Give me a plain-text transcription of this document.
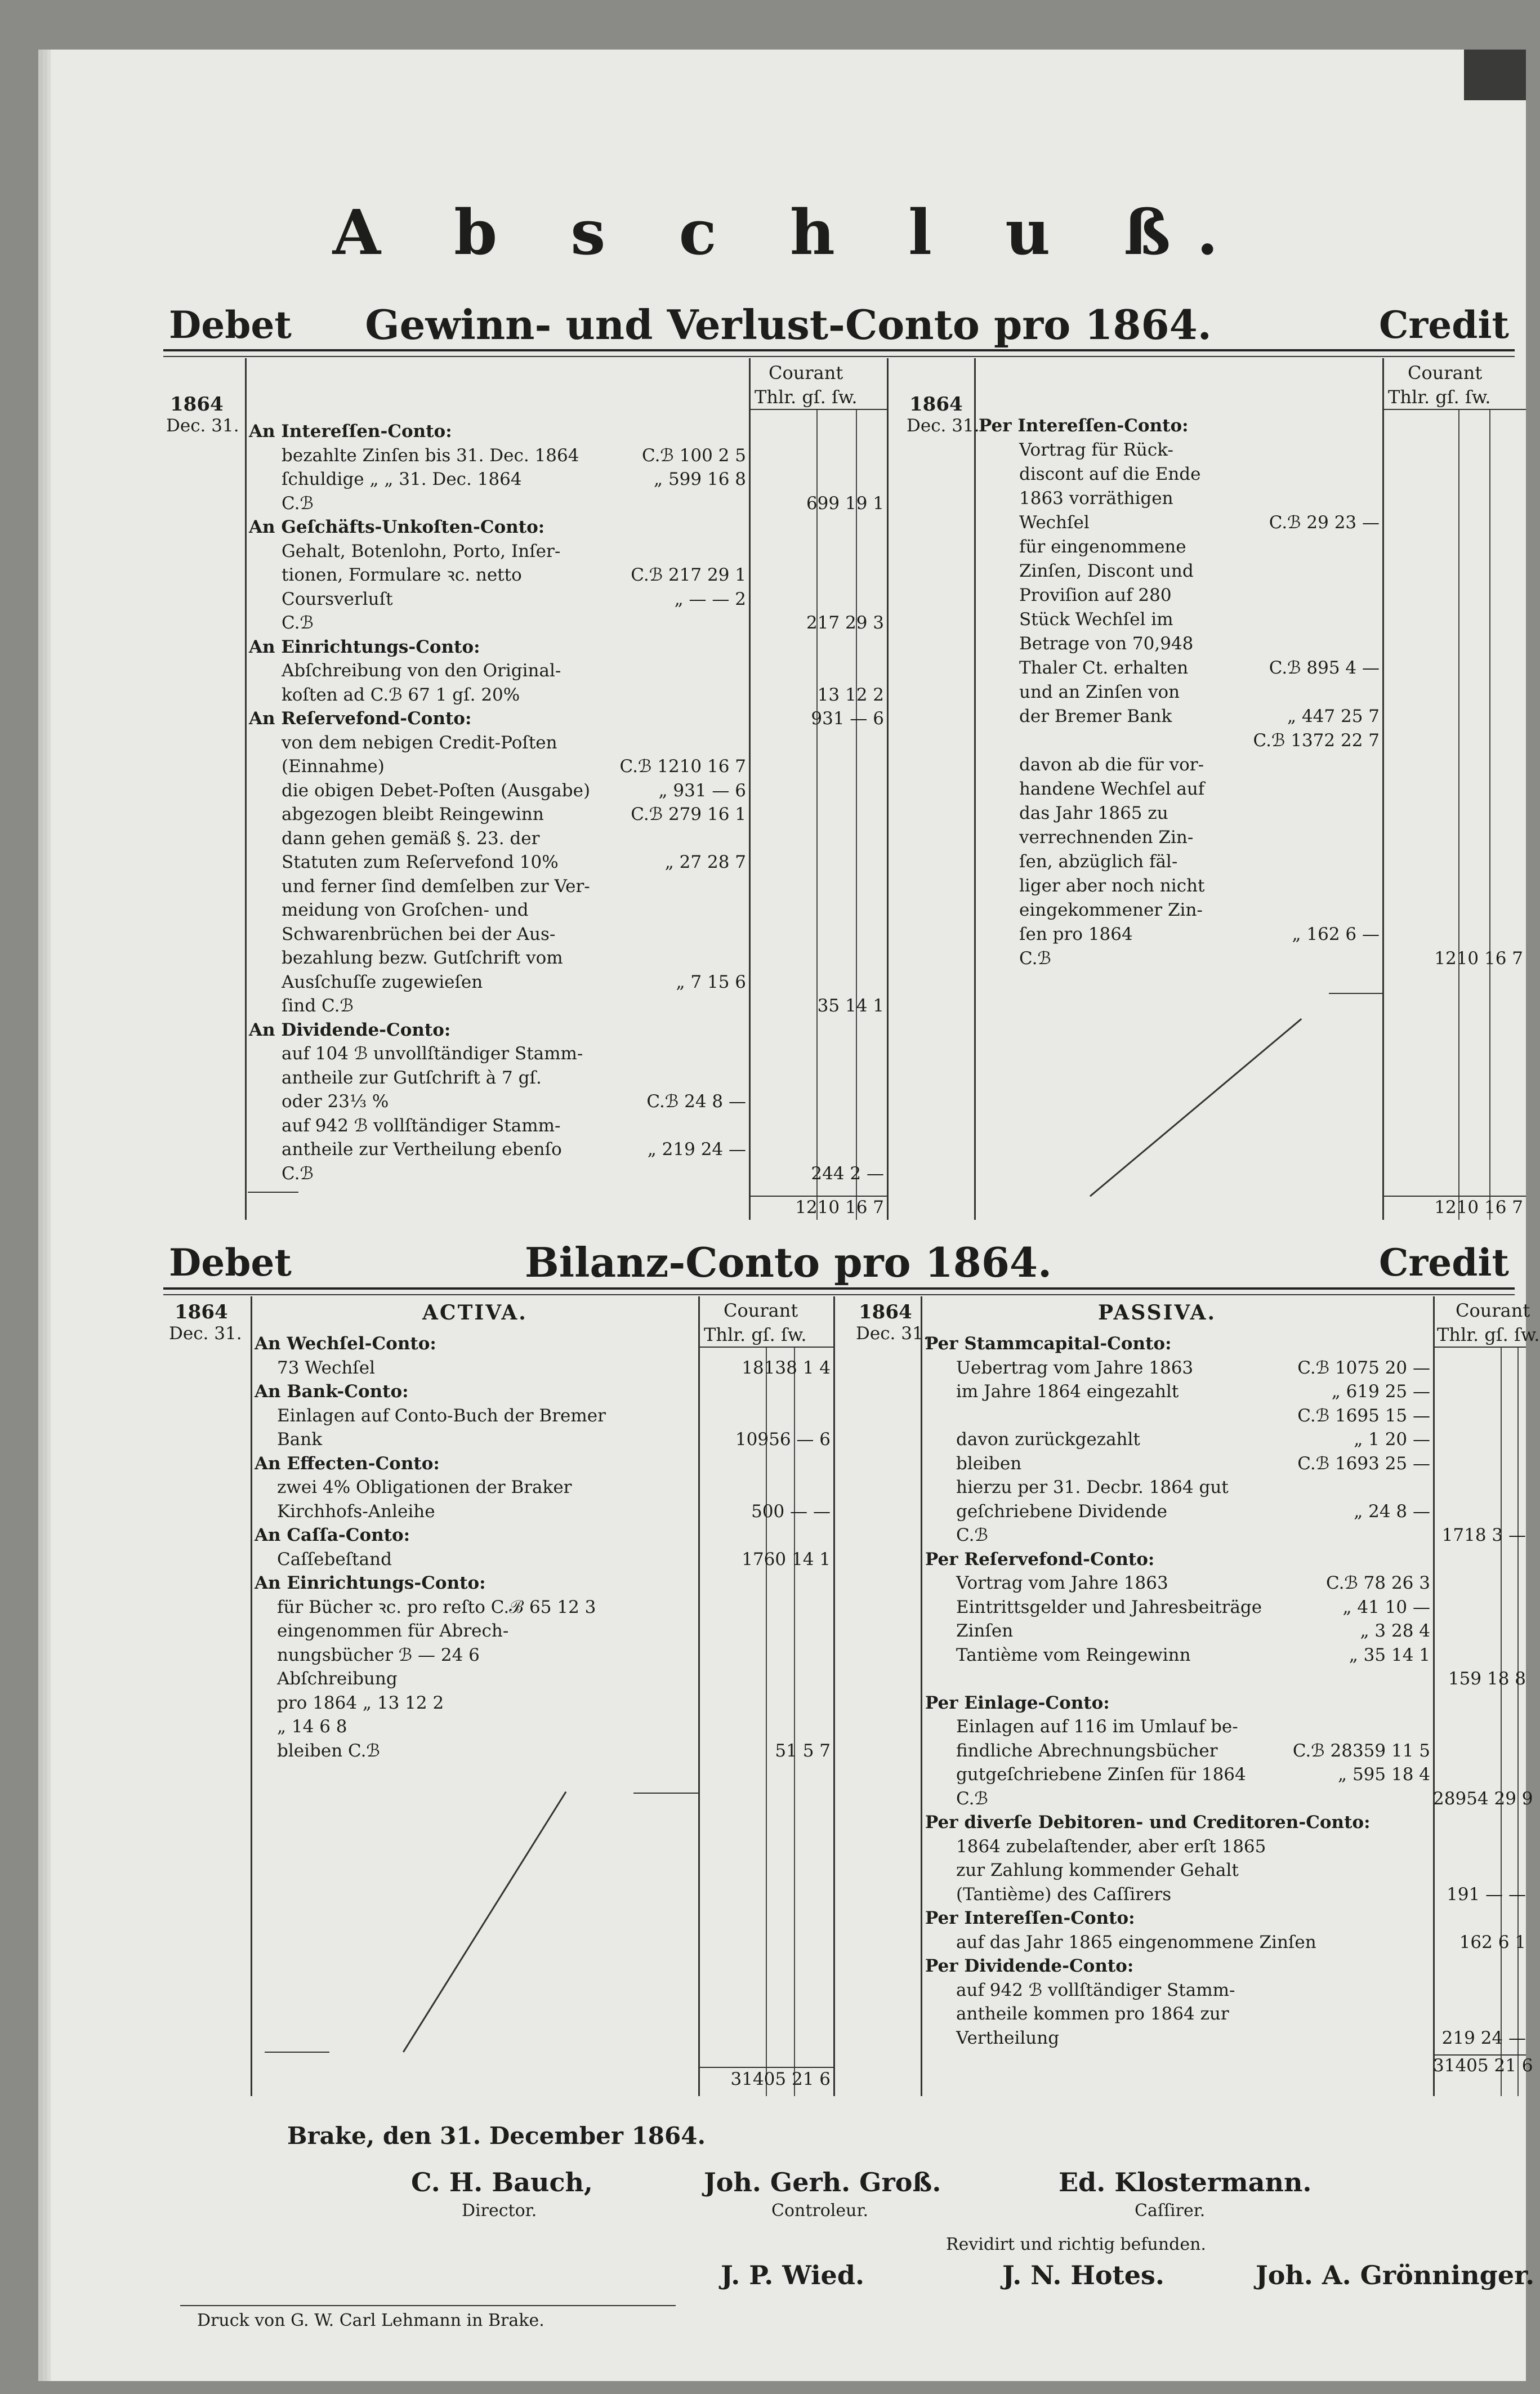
A b s c h l u ß.
Debet	Gewinn- und Verlust-Conto pro 1864.	Credit
Courant
Thlr. gſ. ſw.
Courant
Thlr. gſ. ſw.
1864
Dec. 31.
1864
Dec. 31.
An Intereſſen-Conto:
bezahlte Zinſen bis 31. Dec. 1864	C.ℬ 100 2 5
ſchuldige „ „ 31. Dec. 1864	„ 599 16 8
C.ℬ	699 19 1
An Geſchäfts-Unkoſten-Conto:
Gehalt, Botenlohn, Porto, Inſer-
tionen, Formulare ꝛc. netto	C.ℬ 217 29 1
Coursverluſt	„ — — 2
C.ℬ	217 29 3
An Einrichtungs-Conto:
Abſchreibung von den Original-
koſten ad C.ℬ 67 1 gſ. 20%	13 12 2
An Reſervefond-Conto:	931 — 6
von dem nebigen Credit-Poſten
(Einnahme)	C.ℬ 1210 16 7
die obigen Debet-Poſten (Ausgabe)	„ 931 — 6
abgezogen bleibt Reingewinn	C.ℬ 279 16 1
dann gehen gemäß §. 23. der
Statuten zum Reſervefond 10%	„ 27 28 7
und ferner ſind demſelben zur Ver-
meidung von Groſchen- und
Schwarenbrüchen bei der Aus-
bezahlung bezw. Gutſchrift vom
Ausſchuſſe zugewieſen	„ 7 15 6
ſind C.ℬ	35 14 1
An Dividende-Conto:
auf 104 ℬ unvollſtändiger Stamm-
antheile zur Gutſchrift à 7 gſ.
oder 23⅓ %	C.ℬ 24 8 —
auf 942 ℬ vollſtändiger Stamm-
antheile zur Vertheilung ebenſo	„ 219 24 —
C.ℬ	244 2 —
Per Intereſſen-Conto:
Vortrag für Rück-
discont auf die Ende
1863 vorräthigen
Wechſel	C.ℬ 29 23 —
für eingenommene
Zinſen, Discont und
Proviſion auf 280
Stück Wechſel im
Betrage von 70,948
Thaler Ct. erhalten	C.ℬ 895 4 —
und an Zinſen von
der Bremer Bank	„ 447 25 7
C.ℬ 1372 22 7
davon ab die für vor-
handene Wechſel auf
das Jahr 1865 zu
verrechnenden Zin-
ſen, abzüglich fäl-
liger aber noch nicht
eingekommener Zin-
ſen pro 1864	„ 162 6 —
C.ℬ	1210 16 7
1210 16 7	1210 16 7
Debet	Bilanz-Conto pro 1864.	Credit
Courant
Thlr. gſ. ſw.
Courant
Thlr. gſ. ſw.
1864
Dec. 31.
1864
Dec. 31.
ACTIVA.	PASSIVA.
An Wechſel-Conto:
73 Wechſel	18138 1 4
An Bank-Conto:
Einlagen auf Conto-Buch der Bremer
Bank	10956 — 6
An Effecten-Conto:
zwei 4% Obligationen der Braker
Kirchhofs-Anleihe	500 — —
An Caſſa-Conto:
Caſſebeſtand	1760 14 1
An Einrichtungs-Conto:
für Bücher ꝛc. pro reſto C.ℬ 65 12 3
eingenommen für Abrech-
nungsbücher ℬ — 24 6
Abſchreibung
pro 1864 „ 13 12 2
„ 14 6 8
bleiben C.ℬ	51 5 7
Per Stammcapital-Conto:
Uebertrag vom Jahre 1863	C.ℬ 1075 20 —
im Jahre 1864 eingezahlt	„ 619 25 —
C.ℬ 1695 15 —
davon zurückgezahlt	„ 1 20 —
bleiben	C.ℬ 1693 25 —
hierzu per 31. Decbr. 1864 gut
geſchriebene Dividende	„ 24 8 —
C.ℬ	1718 3 —
Per Reſervefond-Conto:
Vortrag vom Jahre 1863	C.ℬ 78 26 3
Eintrittsgelder und Jahresbeiträge	„ 41 10 —
Zinſen	„ 3 28 4
Tantième vom Reingewinn	„ 35 14 1
159 18 8
Per Einlage-Conto:
Einlagen auf 116 im Umlauf be-
findliche Abrechnungsbücher	C.ℬ 28359 11 5
gutgeſchriebene Zinſen für 1864	„ 595 18 4
C.ℬ	28954 29 9
Per diverſe Debitoren- und Creditoren-Conto:
1864 zubelaſtender, aber erſt 1865
zur Zahlung kommender Gehalt
(Tantième) des Caſſirers	191 — —
Per Intereſſen-Conto:
auf das Jahr 1865 eingenommene Zinſen	162 6 1
Per Dividende-Conto:
auf 942 ℬ vollſtändiger Stamm-
antheile kommen pro 1864 zur
Vertheilung	219 24 —
31405 21 6
31405 21 6
Brake, den 31. December 1864.
C. H. Bauch,
Director.
Joh. Gerh. Groß.
Controleur.
Ed. Klostermann.
Caſſirer.
Revidirt und richtig befunden.
J. P. Wied.	J. N. Hotes.	Joh. A. Grönninger.
Druck von G. W. Carl Lehmann in Brake.
